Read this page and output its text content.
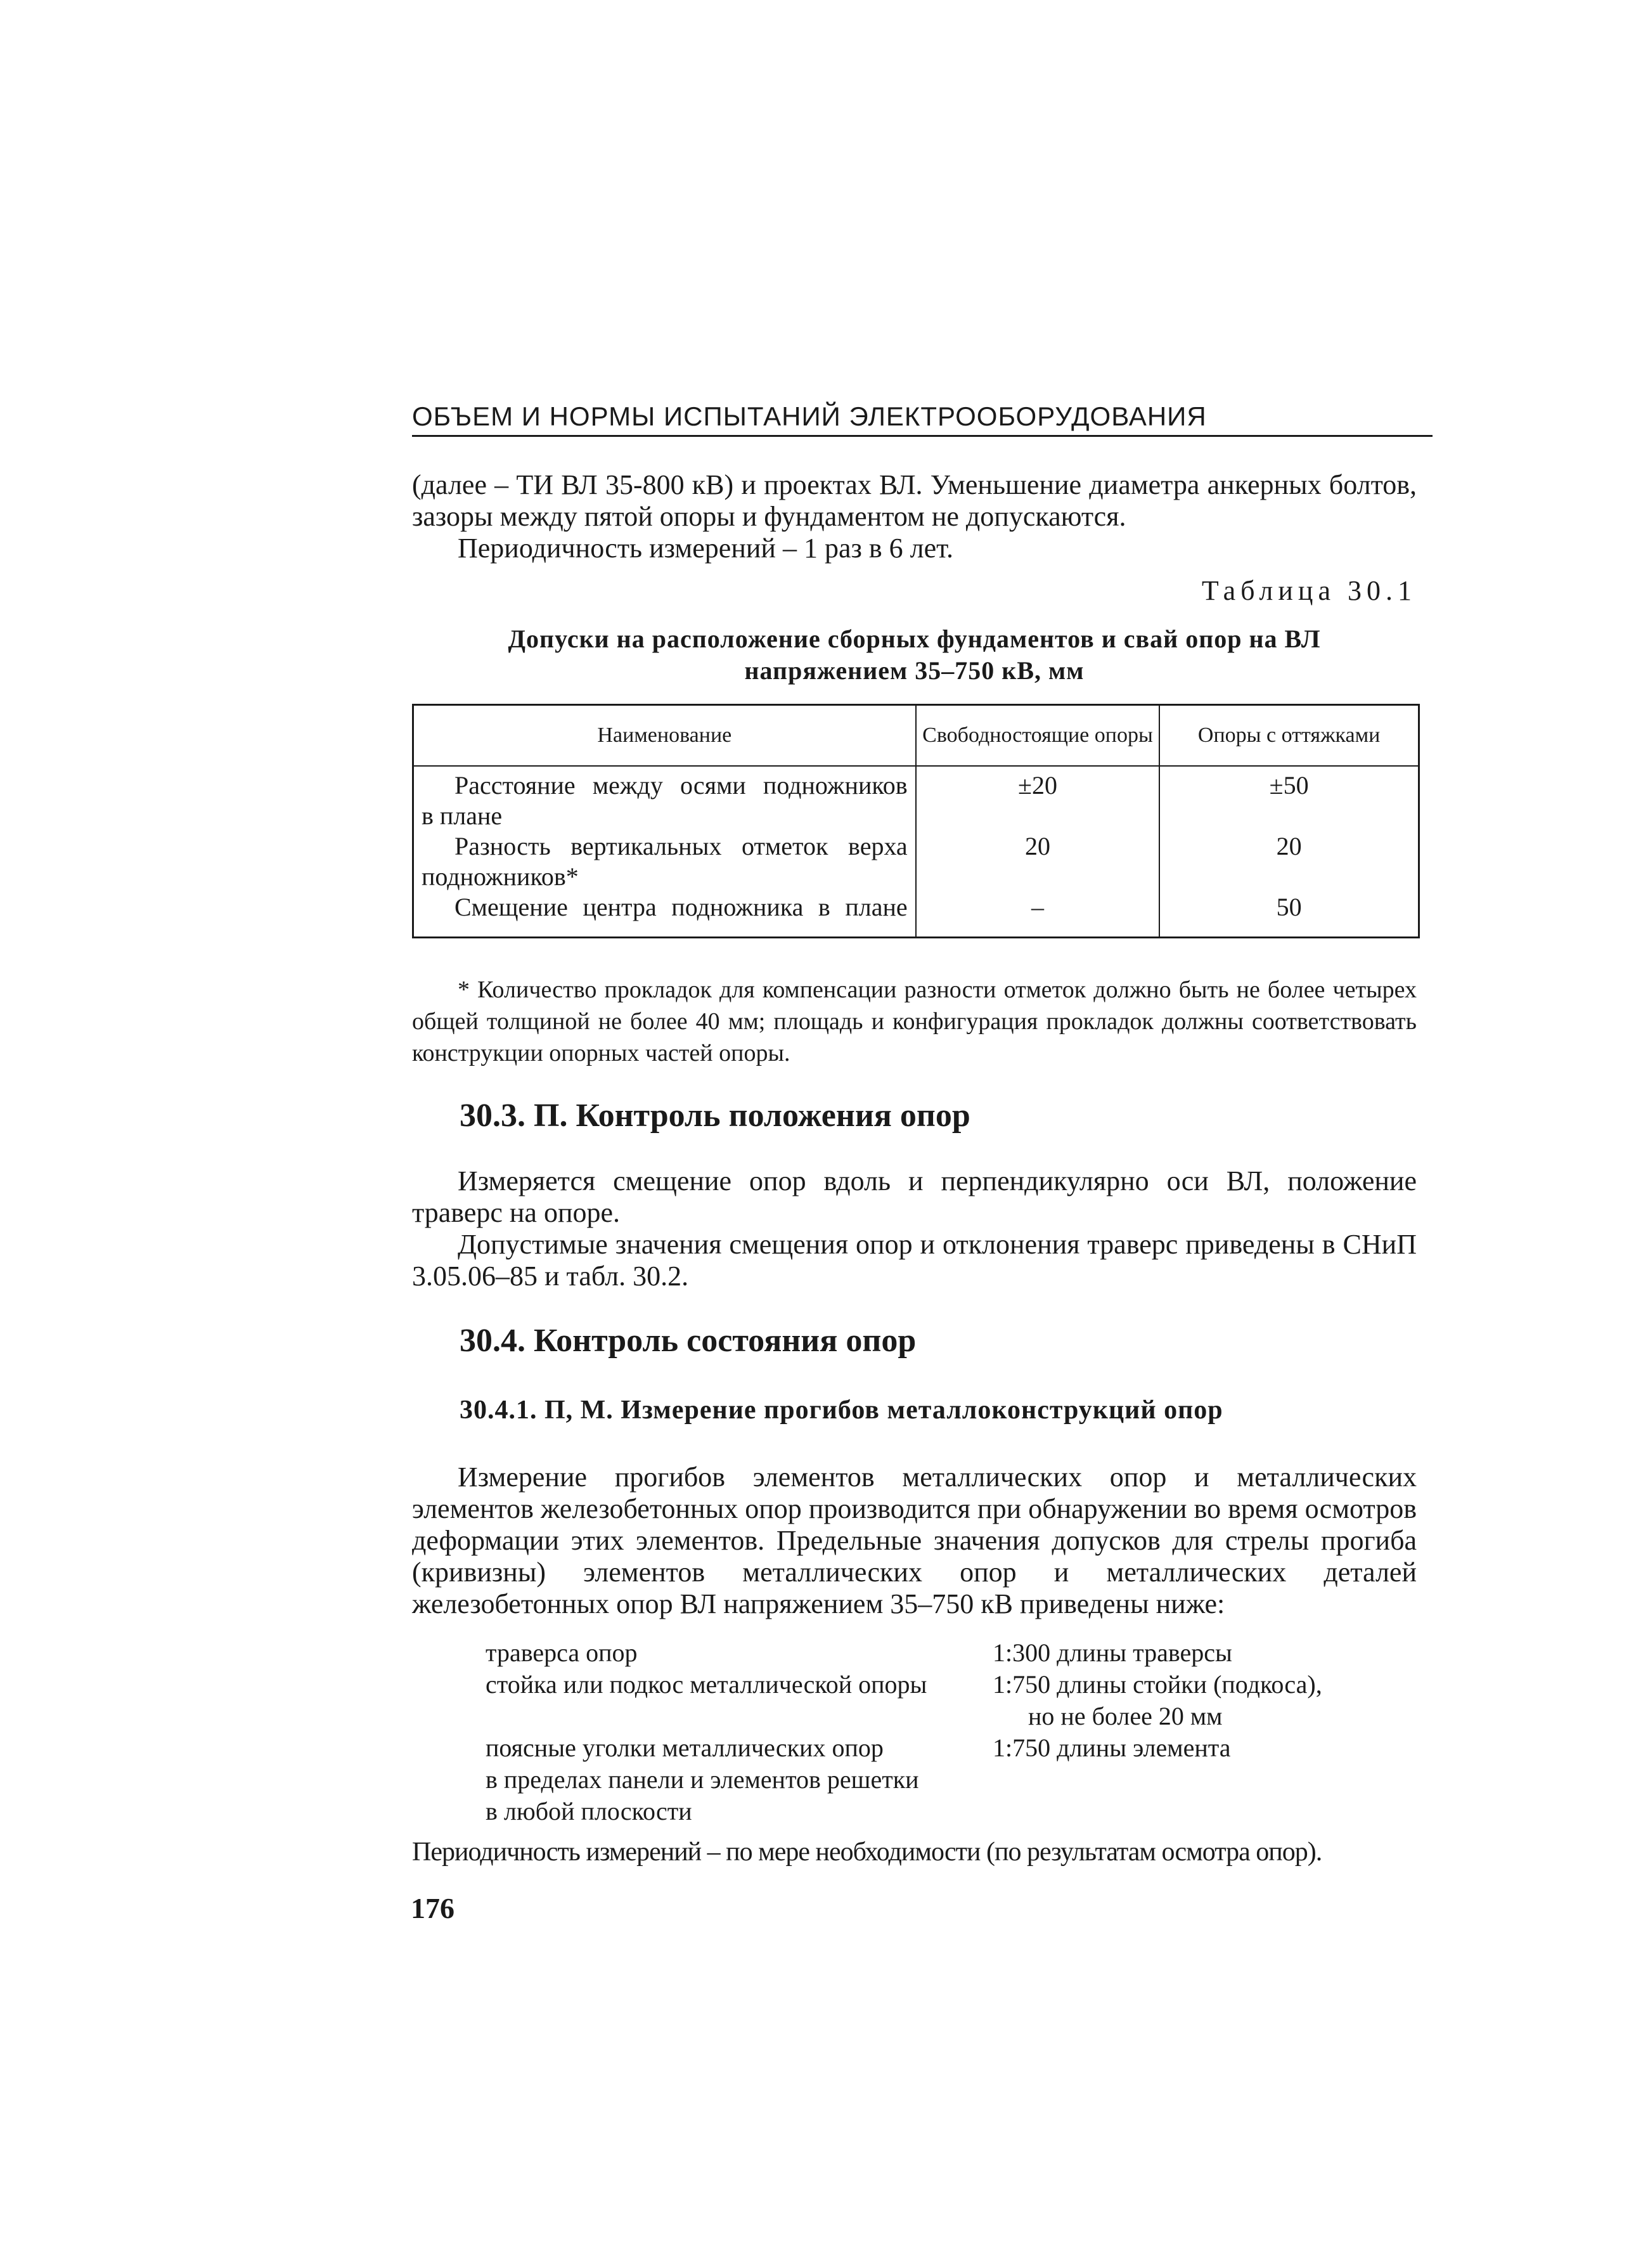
ОБЪЕМ И НОРМЫ ИСПЫТАНИЙ ЭЛЕКТРООБОРУДОВАНИЯ

(далее – ТИ ВЛ 35-800 кВ) и проектах ВЛ. Уменьшение диаметра анкерных болтов, зазоры между пятой опоры и фундаментом не допускаются.

Периодичность измерений – 1 раз в 6 лет.

Таблица 30.1
Допуски на расположение сборных фундаментов и свай опор на ВЛ напряжением 35–750 кВ, мм
Наименование	Свободностоящие опоры	Опоры с оттяжками

Расстояние между осями подножников
в плане	±20	±50

Разность вертикальных отметок верха
подножников*	20	20

Смещение центра подножника в плане	–	50

* Количество прокладок для компенсации разности отметок должно быть не более четырех общей толщиной не более 40 мм; площадь и конфигурация прокладок должны соответствовать конструкции опорных частей опоры.

30.3. П. Контроль положения опор

Измеряется смещение опор вдоль и перпендикулярно оси ВЛ, положение траверс на опоре.

Допустимые значения смещения опор и отклонения траверс приведены в СНиП 3.05.06–85 и табл. 30.2.

30.4. Контроль состояния опор
30.4.1. П, М. Измерение прогибов металлоконструкций опор

Измерение прогибов элементов металлических опор и металлических элементов железобетонных опор производится при обнаружении во время осмотров деформации этих элементов. Предельные значения допусков для стрелы прогиба (кривизны) элементов металлических опор и металлических деталей железобетонных опор ВЛ напряжением 35–750 кВ приведены ниже:

траверса опор	1:300 длины траверсы
стойка или подкос металлической опоры	1:750 длины стойки (подкоса),
но не более 20 мм
поясные уголки металлических опор	1:750 длины элемента
в пределах панели и элементов решетки
в любой плоскости

Периодичность измерений – по мере необходимости (по результатам осмотра опор).

176
